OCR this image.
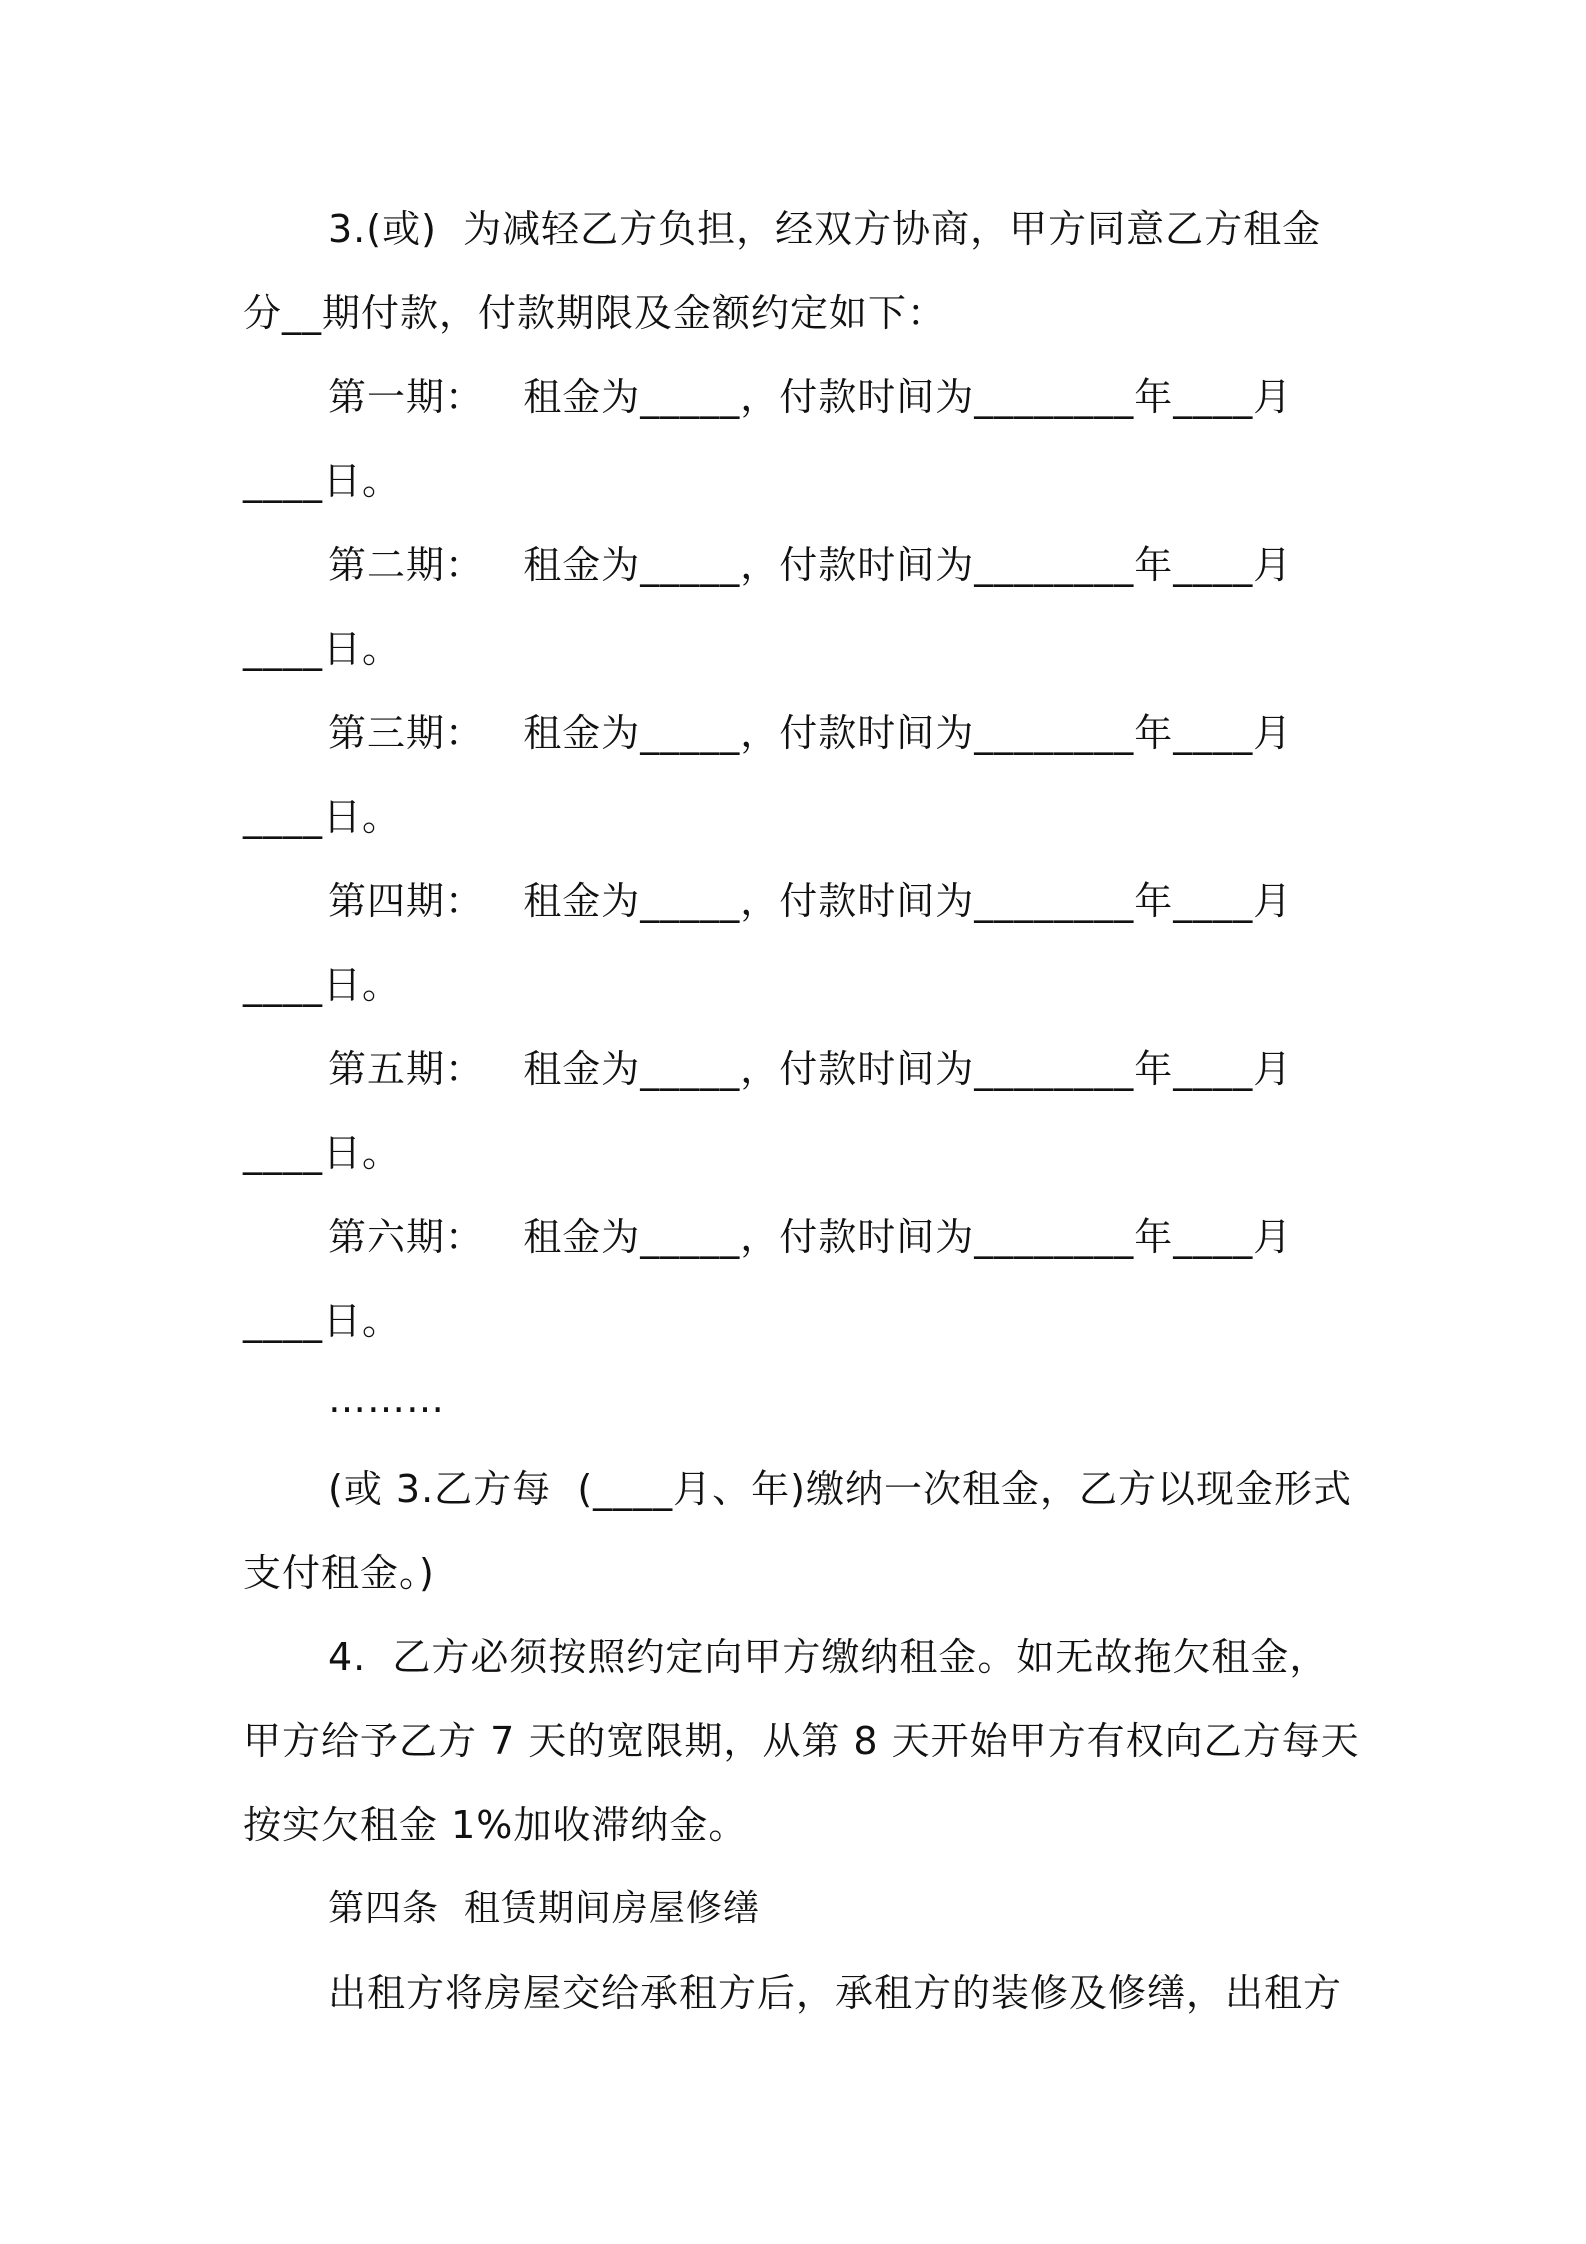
3.(或)  为减轻乙方负担，经双方协商，甲方同意乙方租金
分__期付款，付款期限及金额约定如下：
第一期：   租金为_____，付款时间为________年____月
____日。
第二期：   租金为_____，付款时间为________年____月
____日。
第三期：   租金为_____，付款时间为________年____月
____日。
第四期：   租金为_____，付款时间为________年____月
____日。
第五期：   租金为_____，付款时间为________年____月
____日。
第六期：   租金为_____，付款时间为________年____月
____日。
………
(或 3.乙方每  (____月、年)缴纳一次租金，乙方以现金形式
支付租金。)
4.  乙方必须按照约定向甲方缴纳租金。如无故拖欠租金，
甲方给予乙方 7 天的宽限期，从第 8 天开始甲方有权向乙方每天
按实欠租金 1%加收滞纳金。
第四条  租赁期间房屋修缮
出租方将房屋交给承租方后，承租方的装修及修缮，出租方
